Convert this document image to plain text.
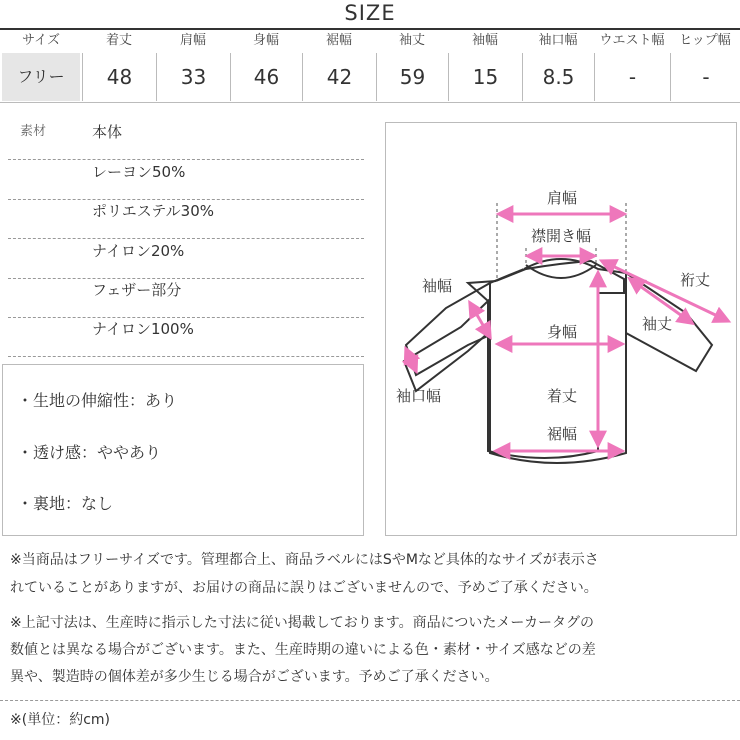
SIZE
サイズ	着丈	肩幅	身幅	裾幅	袖丈	袖幅	袖口幅	ウエスト幅	ヒップ幅
フリー	48	33	46	42	59	15	8.5	-	-
素材	本体
レーヨン50%
ポリエステル30%
ナイロン20%
フェザー部分
ナイロン100%
・生地の伸縮性：あり
・透け感：ややあり
・裏地：なし
肩幅
襟開き幅
袖幅
身幅
袖口幅	着丈
裾幅
袖丈
裄丈
※当商品はフリーサイズです。管理都合上、商品ラベルにはSやMなど具体的なサイズが表示さ
れていることがありますが、お届けの商品に誤りはございませんので、予めご了承ください。
※上記寸法は、生産時に指示した寸法に従い掲載しております。商品についたメーカータグの
数値とは異なる場合がございます。また、生産時期の違いによる色・素材・サイズ感などの差
異や、製造時の個体差が多少生じる場合がございます。予めご了承ください。
※(単位：約cm)
